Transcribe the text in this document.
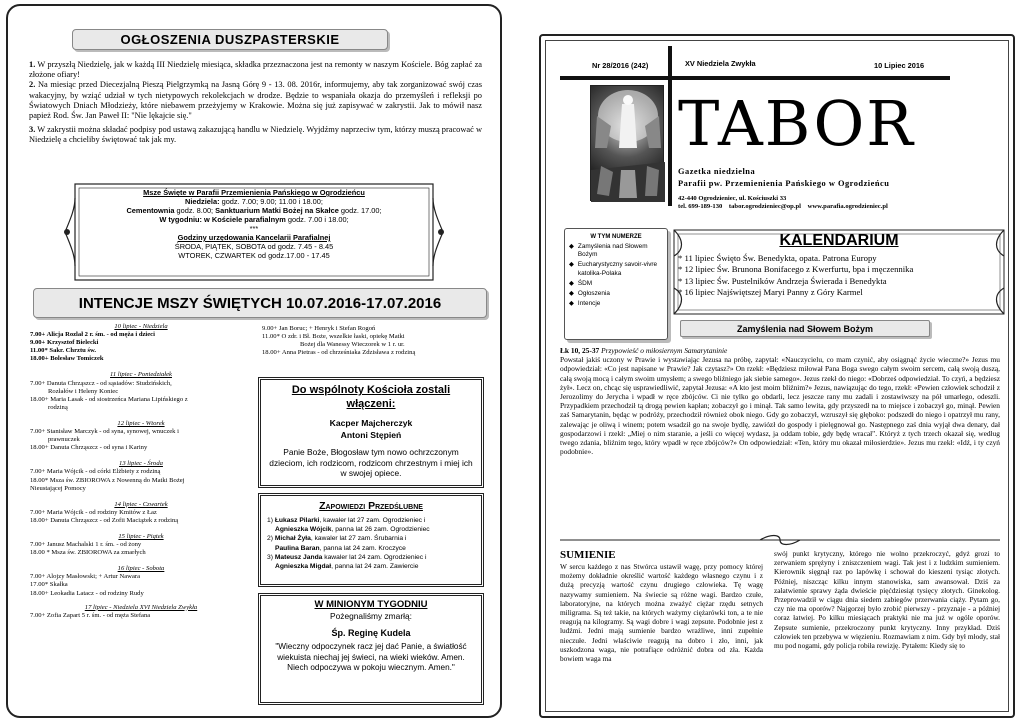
OGŁOSZENIA DUSZPASTERSKIE
1. W przyszłą Niedzielę, jak w każdą III Niedzielę miesiąca, składka przeznaczona jest na remonty w naszym Kościele. Bóg zapłać za złożone ofiary!
2. Na miesiąc przed Diecezjalną Pieszą Pielgrzymką na Jasną Górę 9 - 13. 08. 2016r, informujemy, aby tak zorganizować swój czas wakacyjny, by wziąć udział w tych nietypowych rekolekcjach w drodze. Będzie to wspaniała okazja do przemyśleń i refleksji po Światowych Dniach Młodzieży, które niebawem przeżyjemy w Krakowie. Można się już zapisywać w zakrystii. Jak to mówił nasz papież Rod. Św. Jan Paweł II: "Nie lękajcie się."
3. W zakrystii można składać podpisy pod ustawą zakazującą handlu w Niedzielę. Wyjdźmy naprzeciw tym, którzy muszą pracować w Niedzielę a chcieliby świętować tak jak my.
Msze Święte w Parafii Przemienienia Pańskiego w Ogrodzieńcu
Niedziela: godz. 7.00; 9.00; 11.00 i 18.00;
Cementownia godz. 8.00; Sanktuarium Matki Bożej na Skałce godz. 17.00;
W tygodniu: w Kościele parafialnym godz. 7.00 i 18.00;
***
Godziny urzędowania Kancelarii Parafialnej
ŚRODA, PIĄTEK, SOBOTA od godz. 7.45 - 8.45
WTOREK, CZWARTEK od godz.17.00 - 17.45
INTENCJE MSZY ŚWIĘTYCH 10.07.2016-17.07.2016
10 lipiec - Niedziela
7.00+ Alicja Rozlał 2 r. śm. - od męża i dzieci
9.00+ Krzysztof Bielecki
11.00* Sakr. Chrztu św.
18.00+ Bolesław Tomiczek
11 lipiec - Poniedziałek
7.00+ Danuta Chrząszcz - od sąsiadów: Studzińskich,
Rozłałów i Heleny Koniec
18.00+ Maria Lasak - od siostrzeńca Mariana Lipińskiego z
rodziną
12 lipiec - Wtorek
7.00+ Stanisław Marczyk - od syna, synowej, wnuczek i
prawnuczek
18.00+ Danuta Chrząszcz - od syna i Kariny
13 lipiec - Środa
7.00+ Maria Wójcik - od córki Elżbiety z rodziną
18.00* Msza św. ZBIOROWA z Nowenną do Matki Bożej
Nieustającej Pomocy
14 lipiec - Czwartek
7.00+ Maria Wójcik - od rodziny Kmitów z Łaz
18.00+ Danuta Chrząszcz - od Zofii Maciążek z rodziną
15 lipiec - Piątek
7.00+ Janusz Machalski 1 r. śm. - od żony
18.00 * Msza św. ZBIOROWA za zmarłych
16 lipiec - Sobota
7.00+ Alojzy Masłowski; + Artur Nawara
17.00* Skałka
18.00+ Leokadia Latacz - od rodziny Rudy
17 lipiec - Niedziela XVI Niedziela Zwykła
7.00+ Zofia Zapart 5 r. śm. - od męża Stefana
9.00+ Jan Boruc; + Henryk i Stefan Rogoń
11.00* O zdr. i Bł. Boże, wszelkie łaski, opiekę Matki
Bożej dla Wanessy Wieczorek w 1 r. ur.
18.00+ Anna Pietras - od chrześniaka Zdzisława z rodziną
Do wspólnoty Kościoła zostali włączeni:
Kacper Majcherczyk
Antoni Stępień
Panie Boże, Błogosław tym nowo ochrzczonym dzieciom, ich rodzicom, rodzicom chrzestnym i miej ich w swojej opiece.
Zapowiedzi Przedślubne
1) Łukasz Pilarki, kawaler lat 27 zam. Ogrodzieniec i
Agnieszka Wójcik, panna lat 26 zam. Ogrodzieniec
2) Michał Żyła, kawaler lat 27 zam. Śrubarnia i
Paulina Baran, panna lat 24 zam. Kroczyce
3) Mateusz Janda kawaler lat 24 zam. Ogrodzieniec i
Agnieszka Migdał, panna lat 24 zam. Zawiercie
W MINIONYM TYGODNIU
Pożegnaliśmy zmarłą:
Śp. Reginę Kudela
"Wieczny odpoczynek racz jej dać Panie, a światłość wiekuista niechaj jej świeci, na wieki wieków. Amen. Niech odpoczywa w pokoju wiecznym. Amen."
Nr 28/2016 (242)	XV Niedziela Zwykła	10 Lipiec 2016
TABOR
Gazetka niedzielna
Parafii pw. Przemienienia Pańskiego w Ogrodzieńcu
42-440 Ogrodzieniec, ul. Kościuszki 33
tel. 699-189-130 tabor.ogrodzieniec@op.pl www.parafia.ogrodzieniec.pl
W TYM NUMERZE
◆ Zamyślenia nad Słowem Bożym
◆ Eucharystyczny savoir-vivre katolika-Polaka
◆ ŚDM
◆ Ogłoszenia
◆ Intencje
KALENDARIUM
* 11 lipiec Święto Św. Benedykta, opata. Patrona Europy
* 12 lipiec Św. Brunona Bonifacego z Kwerfurtu, bpa i męczennika
* 13 lipiec Św. Pustelników Andrzeja Świerada i Benedykta
* 16 lipiec Najświętszej Maryi Panny z Góry Karmel
Zamyślenia nad Słowem Bożym
Łk 10, 25-37 Przypowieść o miłosiernym Samarytaninie
Powstał jakiś uczony w Prawie i wystawiając Jezusa na próbę, zapytał: «Nauczycielu, co mam czynić, aby osiągnąć życie wieczne?» Jezus mu odpowiedział: «Co jest napisane w Prawie? Jak czytasz?» On rzekł: «Będziesz miłował Pana Boga swego całym swoim sercem, całą swoją duszą, całą swoją mocą i całym swoim umysłem; a swego bliźniego jak siebie samego». Jezus rzekł do niego: «Dobrześ odpowiedział. To czyń, a będziesz żył». Lecz on, chcąc się usprawiedliwić, zapytał Jezusa: «A kto jest moim bliźnim?» Jezus, nawiązując do tego, rzekł: «Pewien człowiek schodził z Jerozolimy do Jerycha i wpadł w ręce zbójców. Ci nie tylko go obdarli, lecz jeszcze rany mu zadali i zostawiwszy na pół umarłego, odeszli. Przypadkiem przechodził tą drogą pewien kapłan; zobaczył go i minął. Tak samo lewita, gdy przyszedł na to miejsce i zobaczył go, minął. Pewien zaś Samarytanin, będąc w podróży, przechodził również obok niego. Gdy go zobaczył, wzruszył się głęboko: podszedł do niego i opatrzył mu rany, zalewając je oliwą i winem; potem wsadził go na swoje bydlę, zawiózł do gospody i pielęgnował go. Następnego zaś dnia wyjął dwa denary, dał gospodarzowi i rzekł: „Miej o nim staranie, a jeśli co więcej wydasz, ja oddam tobie, gdy będę wracał". Któryż z tych trzech okazał się, według twego zdania, bliźnim tego, który wpadł w ręce zbójców?» On odpowiedział: «Ten, który mu okazał miłosierdzie». Jezus mu rzekł: «Idź, i ty czyń podobnie».
SUMIENIE
W sercu każdego z nas Stwórca ustawił wagę, przy pomocy której możemy dokładnie określić wartość każdego własnego czynu i z dużą precyzją wartość czynu drugiego człowieka. Tę wagę nazywamy sumieniem. Na świecie są różne wagi. Bardzo czułe, laboratoryjne, na których można zważyć ciężar rzędu setnych miligrama. Są też takie, na których ważymy ciężarówki ton, a te nie reagują na kilogramy. Są wagi dobre i wagi zepsute. Podobnie jest z ludźmi. Jedni mają sumienie bardzo wrażliwe, inni zupełnie nieczułe. Jedni właściwie reagują na dobro i zło, inni, jak uszkodzona waga, nie potrafiące odróżnić dobra od zła. Każda bowiem waga ma
swój punkt krytyczny, którego nie wolno przekroczyć, gdyż grozi to zerwaniem sprężyny i zniszczeniem wagi. Tak jest i z ludzkim sumieniem. Kierownik sięgnął raz po lapówkę i schował do kieszeni tysiąc złotych. Później, niszcząc kilku innym stanowiska, sam awansował. Dziś za załatwienie sprawy żąda dwieście pięćdziesiąt tysięcy złotych. Ginekolog. Przeprowadził w ciągu dnia siedem zabiegów przerwania ciąży. Pytam go, czy nie ma oporów? Najgorzej było zrobić pierwszy - przyznaje - a później coraz łatwiej. Po kilku miesiącach praktyki nie ma już w ogóle oporów. Zepsute sumienie, przekroczony punkt krytyczny. Inny przykład. Dziś człowiek ten przebywa w więzieniu. Rozmawiam z nim. Gdy był młody, stał mu pod nogami, gdy policja robiła rewizję. Pytałem: Kiedy się to
